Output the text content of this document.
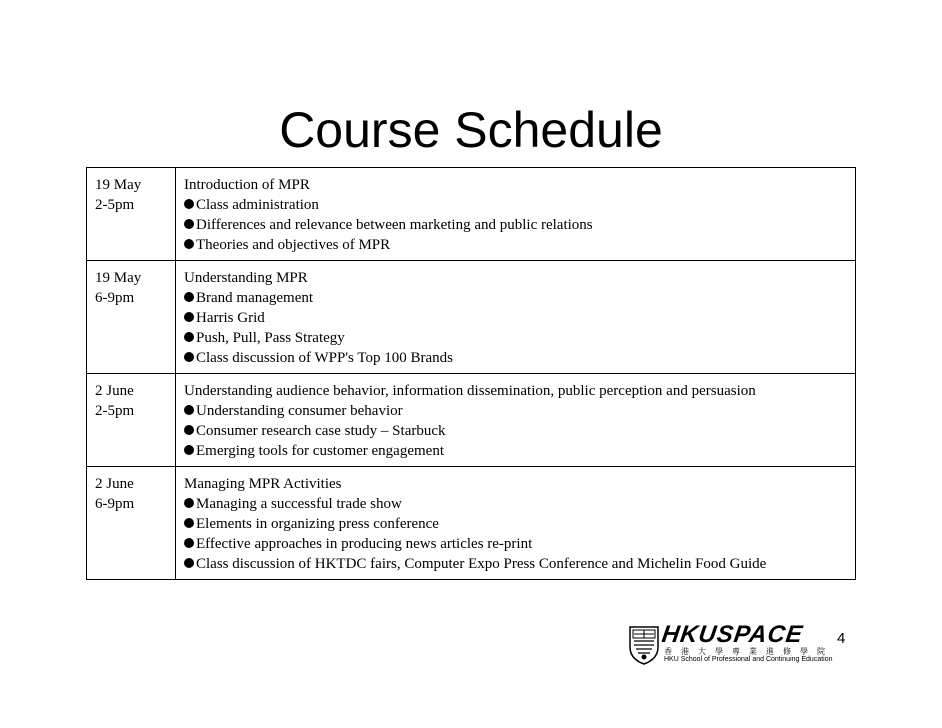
Course Schedule
19 May
2-5pm	Introduction of MPR
Class administration
Differences and relevance between marketing and public relations
Theories and objectives of MPR

19 May
6-9pm	Understanding MPR
Brand management
Harris Grid
Push, Pull, Pass Strategy
Class discussion of WPP's Top 100 Brands

2 June
2-5pm	Understanding audience behavior, information dissemination, public perception and persuasion
Understanding consumer behavior
Consumer research case study – Starbuck
Emerging tools for customer engagement

2 June
6-9pm	Managing MPR Activities
Managing a successful trade show
Elements in organizing press conference
Effective approaches in producing news articles re-print
Class discussion of HKTDC fairs, Computer Expo Press Conference and Michelin Food Guide
HKUSPACE
香港大學專業進修學院
HKU School of Professional and Continuing Education
4
